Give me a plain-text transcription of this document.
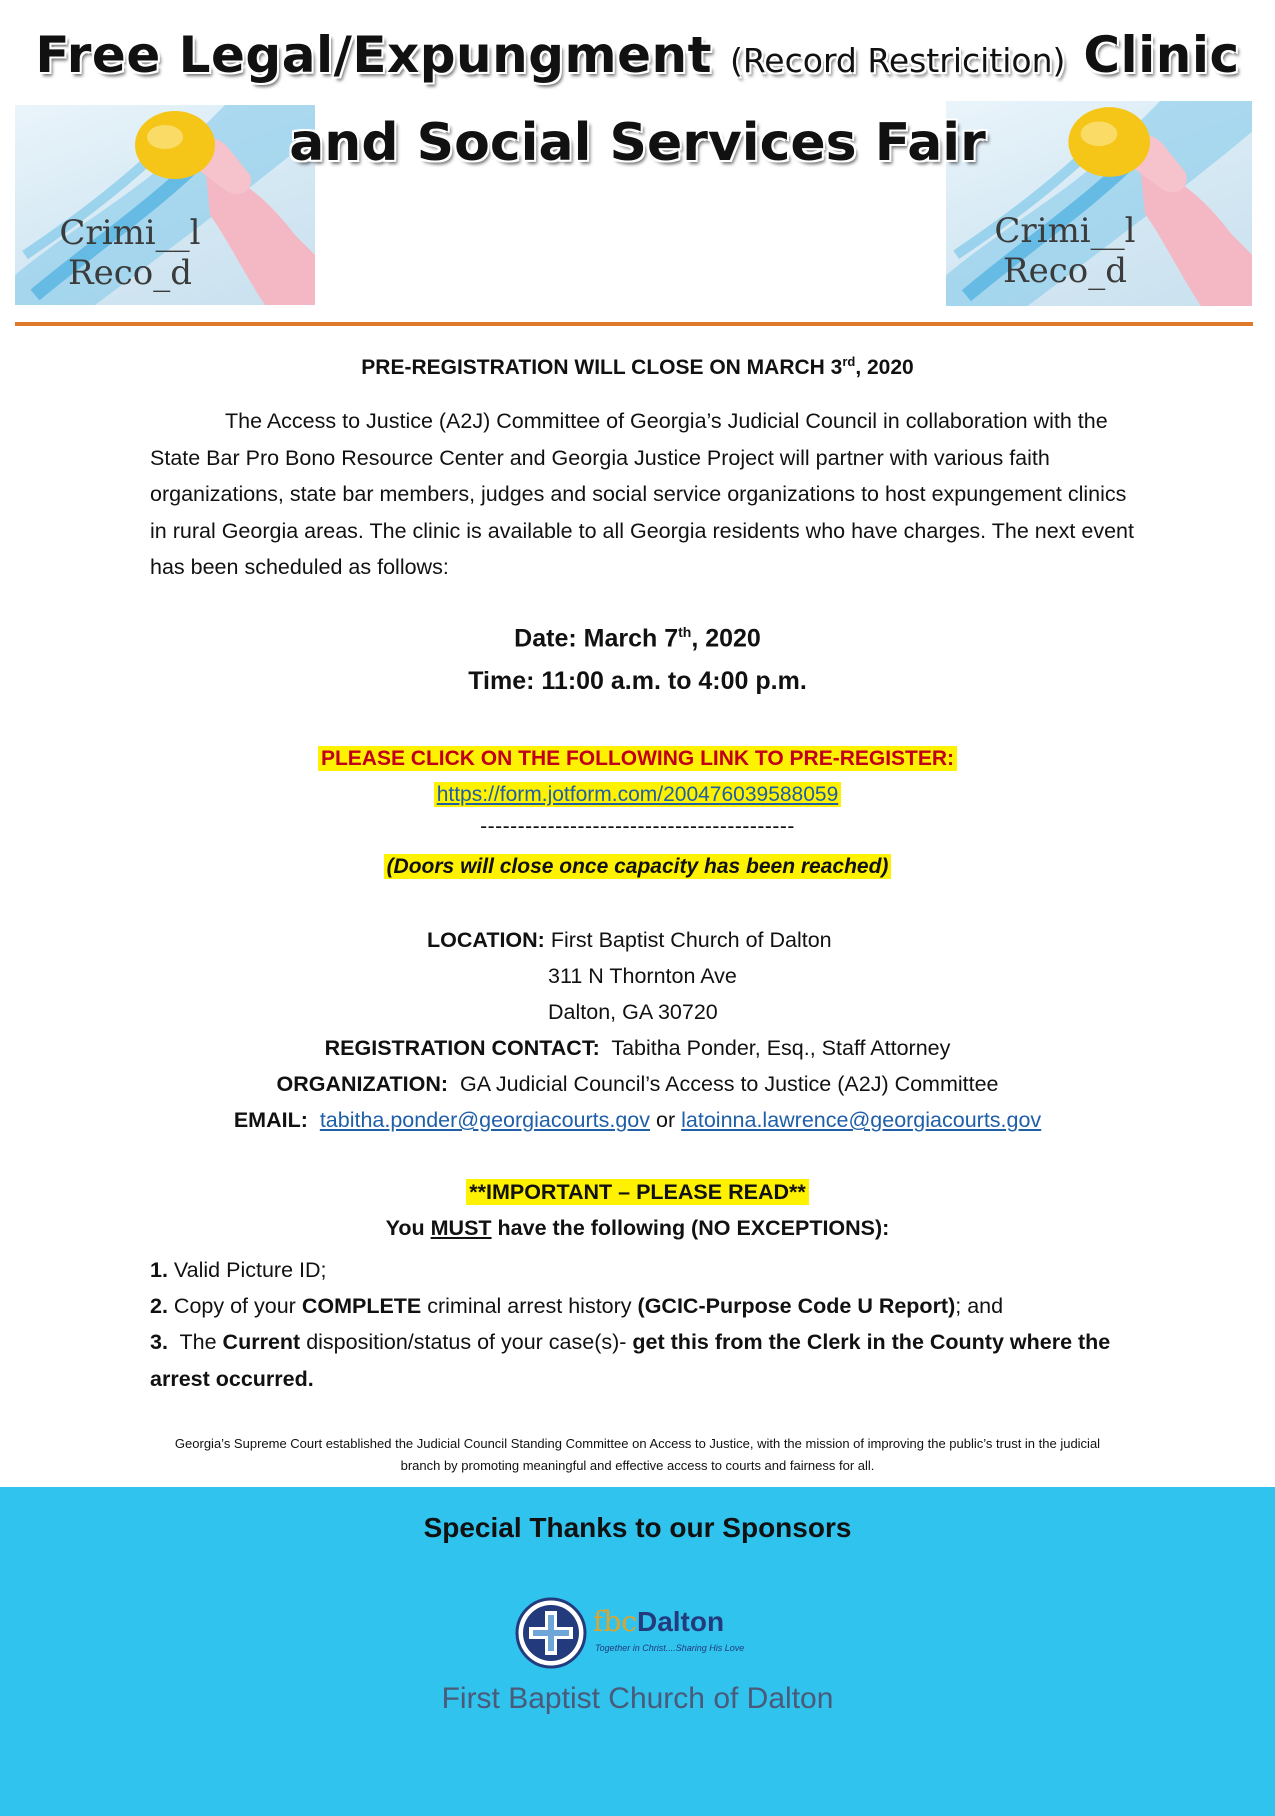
Free Legal/Expungment (Record Restricition) Clinic
Crimi__l
Reco_d
Crimi__l
Reco_d
and Social Services Fair
PRE-REGISTRATION WILL CLOSE ON MARCH 3rd, 2020

The Access to Justice (A2J) Committee of Georgia’s Judicial Council in collaboration with the State Bar Pro Bono Resource Center and Georgia Justice Project will partner with various faith organizations, state bar members, judges and social service organizations to host expungement clinics in rural Georgia areas. The clinic is available to all Georgia residents who have charges. The next event has been scheduled as follows:

Date: March 7th, 2020
Time: 11:00 a.m. to 4:00 p.m.
PLEASE CLICK ON THE FOLLOWING LINK TO PRE-REGISTER:
https://form.jotform.com/200476039588059
------------------------------------------
(Doors will close once capacity has been reached)
LOCATION: First Baptist Church of Dalton
311 N Thornton Ave
Dalton, GA 30720
REGISTRATION CONTACT: Tabitha Ponder, Esq., Staff Attorney
ORGANIZATION: GA Judicial Council’s Access to Justice (A2J) Committee
EMAIL: tabitha.ponder@georgiacourts.gov or latoinna.lawrence@georgiacourts.gov
**IMPORTANT – PLEASE READ**
You MUST have the following (NO EXCEPTIONS):

1. Valid Picture ID;

2. Copy of your COMPLETE criminal arrest history (GCIC-Purpose Code U Report); and

3. The Current disposition/status of your case(s)- get this from the Clerk in the County where the arrest occurred.

Georgia’s Supreme Court established the Judicial Council Standing Committee on Access to Justice, with the mission of improving the public’s trust in the judicial branch by promoting meaningful and effective access to courts and fairness for all.

Special Thanks to our Sponsors
fbcDalton
Together in Christ....Sharing His Love
First Baptist Church of Dalton
